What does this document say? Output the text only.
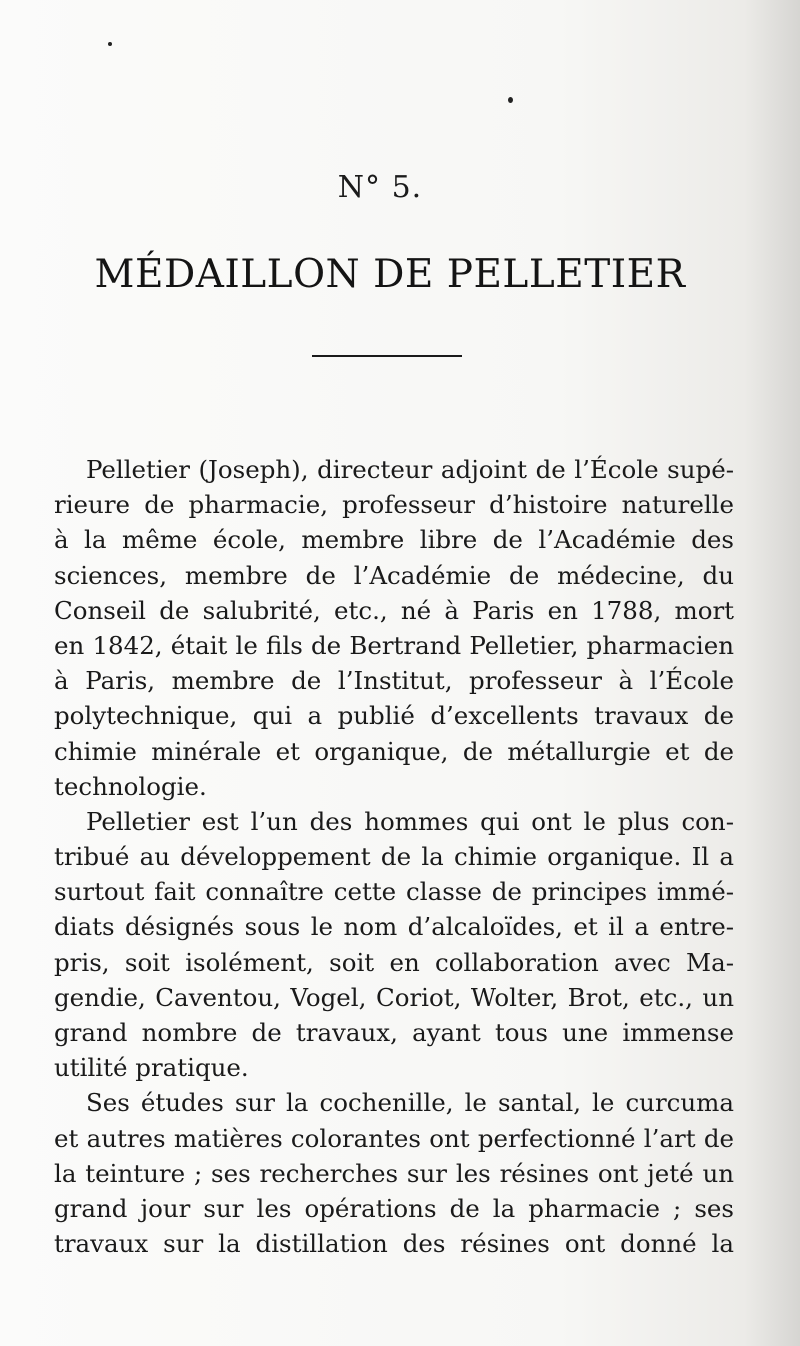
N° 5.
MÉDAILLON DE PELLETIER
Pelletier (Joseph), directeur adjoint de l’École supé-
rieure de pharmacie, professeur d’histoire naturelle
à la même école, membre libre de l’Académie des
sciences, membre de l’Académie de médecine, du
Conseil de salubrité, etc., né à Paris en 1788, mort
en 1842, était le fils de Bertrand Pelletier, pharmacien
à Paris, membre de l’Institut, professeur à l’École
polytechnique, qui a publié d’excellents travaux de
chimie minérale et organique, de métallurgie et de
technologie.
Pelletier est l’un des hommes qui ont le plus con-
tribué au développement de la chimie organique. Il a
surtout fait connaître cette classe de principes immé-
diats désignés sous le nom d’alcaloïdes, et il a entre-
pris, soit isolément, soit en collaboration avec Ma-
gendie, Caventou, Vogel, Coriot, Wolter, Brot, etc., un
grand nombre de travaux, ayant tous une immense
utilité pratique.
Ses études sur la cochenille, le santal, le curcuma
et autres matières colorantes ont perfectionné l’art de
la teinture ; ses recherches sur les résines ont jeté un
grand jour sur les opérations de la pharmacie ; ses
travaux sur la distillation des résines ont donné la
